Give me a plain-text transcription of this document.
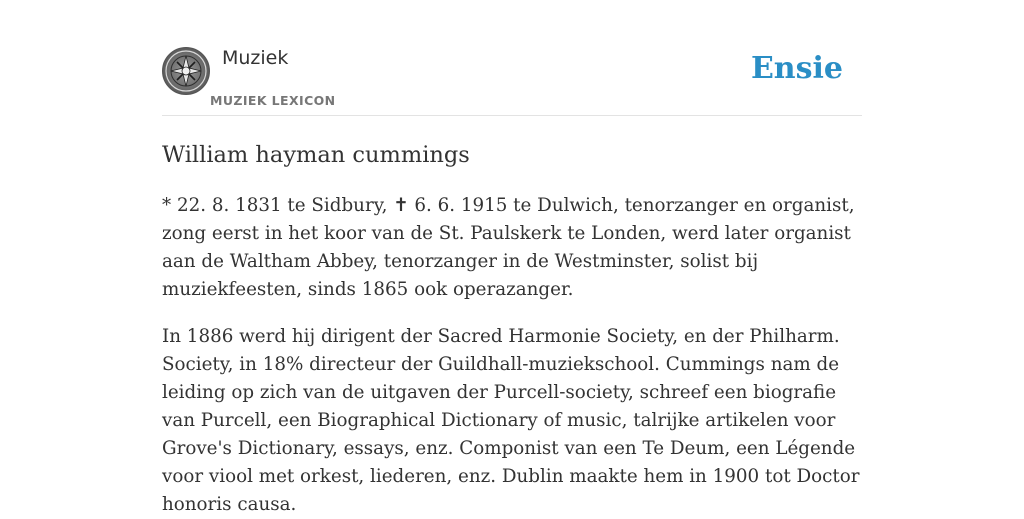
Muziek
MUZIEK LEXICON
Ensie
William hayman cummings

* 22. 8. 1831 te Sidbury, ✝ 6. 6. 1915 te Dulwich, tenorzanger en organist, zong eerst in het koor van de St. Paulskerk te Londen, werd later organist aan de Waltham Abbey, tenorzanger in de Westminster, solist bij muziekfeesten, sinds 1865 ook operazanger.

In 1886 werd hij dirigent der Sacred Harmonie Society, en der Philharm. Society, in 18% directeur der Guildhall-muziekschool. Cummings nam de leiding op zich van de uitgaven der Purcell-society, schreef een biografie van Purcell, een Biographical Dictionary of music, talrijke artikelen voor Grove's Dictionary, essays, enz. Componist van een Te Deum, een Légende voor viool met orkest, liederen, enz. Dublin maakte hem in 1900 tot Doctor honoris causa.
